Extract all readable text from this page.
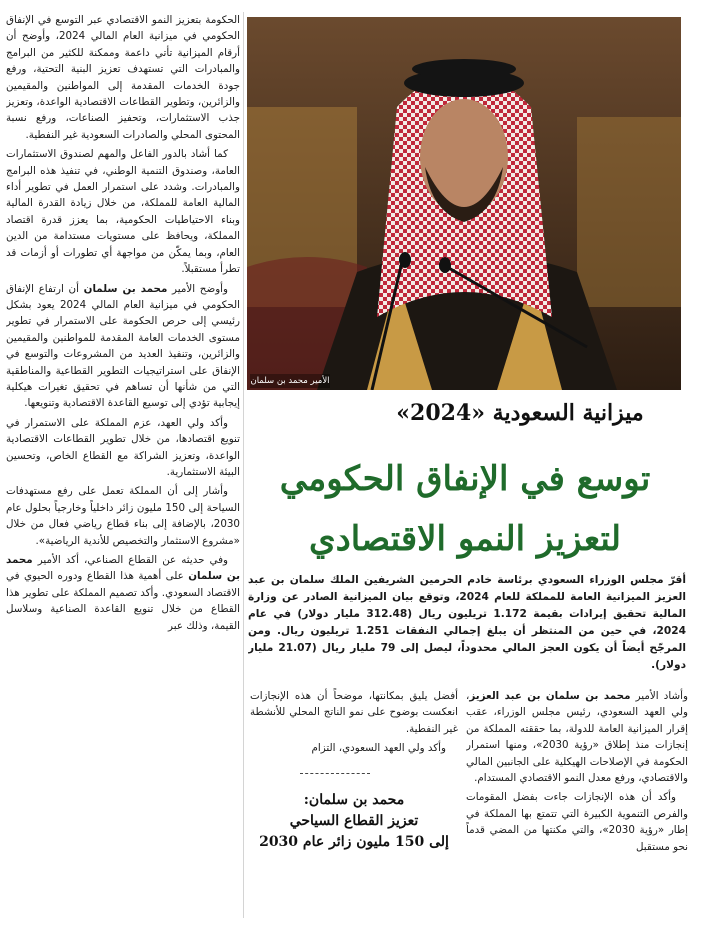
الحكومة بتعزيز النمو الاقتصادي عبر التوسع في الإنفاق الحكومي في ميزانية العام المالي 2024، وأوضح أن أرقام الميزانية تأتي داعمة وممكنة للكثير من البرامج والمبادرات التي تستهدف تعزيز البنية التحتية، ورفع جودة الخدمات المقدمة إلى المواطنين والمقيمين والزائرين، وتطوير القطاعات الاقتصادية الواعدة، وتعزيز جذب الاستثمارات، وتحفيز الصناعات، ورفع نسبة المحتوى المحلي والصادرات السعودية غير النفطية.

كما أشاد بالدور الفاعل والمهم لصندوق الاستثمارات العامة، وصندوق التنمية الوطني، في تنفيذ هذه البرامج والمبادرات. وشدد على استمرار العمل في تطوير أداء المالية العامة للمملكة، من خلال زيادة القدرة المالية وبناء الاحتياطيات الحكومية، بما يعزز قدرة اقتصاد المملكة، ويحافظ على مستويات مستدامة من الدين العام، وبما يمكّن من مواجهة أي تطورات أو أزمات قد تطرأ مستقبلاً.

وأوضح الأمير محمد بن سلمان أن ارتفاع الإنفاق الحكومي في ميزانية العام المالي 2024 يعود بشكل رئيسي إلى حرص الحكومة على الاستمرار في تطوير مستوى الخدمات العامة المقدمة للمواطنين والمقيمين والزائرين، وتنفيذ العديد من المشروعات والتوسع في الإنفاق على استراتيجيات التطوير القطاعية والمناطقية التي من شأنها أن تساهم في تحقيق تغيرات هيكلية إيجابية تؤدي إلى توسيع القاعدة الاقتصادية وتنويعها.

وأكد ولي العهد، عزم المملكة على الاستمرار في تنويع اقتصادها، من خلال تطوير القطاعات الاقتصادية الواعدة، وتعزيز الشراكة مع القطاع الخاص، وتحسين البيئة الاستثمارية.

وأشار إلى أن المملكة تعمل على رفع مستهدفات السياحة إلى 150 مليون زائر داخلياً وخارجياً بحلول عام 2030، بالإضافة إلى بناء قطاع رياضي فعال من خلال «مشروع الاستثمار والتخصيص للأندية الرياضية».

وفي حديثه عن القطاع الصناعي، أكد الأمير محمد بن سلمان على أهمية هذا القطاع ودوره الحيوي في الاقتصاد السعودي. وأكد تصميم المملكة على تطوير هذا القطاع من خلال تنويع القاعدة الصناعية وسلاسل القيمة، وذلك عبر

الأمير محمد بن سلمان
ميزانية السعودية «2024»
توسع في الإنفاق الحكومي
لتعزيز النمو الاقتصادي
أقرّ مجلس الوزراء السعودي برئاسة خادم الحرمين الشريفين الملك سلمان بن عبد العزيز الميزانية العامة للمملكة للعام 2024، وتوقع بيان الميزانية الصادر عن وزارة المالية تحقيق إيرادات بقيمة 1.172 تريليون ريال (312.48 مليار دولار) في عام 2024، في حين من المنتظر أن يبلغ إجمالي النفقات 1.251 تريليون ريال. ومن المرجّح أيضاً أن يكون العجز المالي محدوداً، ليصل إلى 79 مليار ريال (21.07 مليار دولار).

أفضل يليق بمكانتها، موضحاً أن هذه الإنجازات انعكست بوضوح على نمو الناتج المحلي للأنشطة غير النفطية.

وأكد ولي العهد السعودي، التزام

محمد بن سلمان:
تعزيز القطاع السياحي
إلى 150 مليون زائر عام 2030

وأشاد الأمير محمد بن سلمان بن عبد العزيز، ولي العهد السعودي، رئيس مجلس الوزراء، عقب إقرار الميزانية العامة للدولة، بما حققته المملكة من إنجازات منذ إطلاق «رؤية 2030»، ومنها استمرار الحكومة في الإصلاحات الهيكلية على الجانبين المالي والاقتصادي، ورفع معدل النمو الاقتصادي المستدام.

وأكد أن هذه الإنجازات جاءت بفضل المقومات والفرص التنموية الكبيرة التي تتمتع بها المملكة في إطار «رؤية 2030»، والتي مكنتها من المضي قدماً نحو مستقبل
